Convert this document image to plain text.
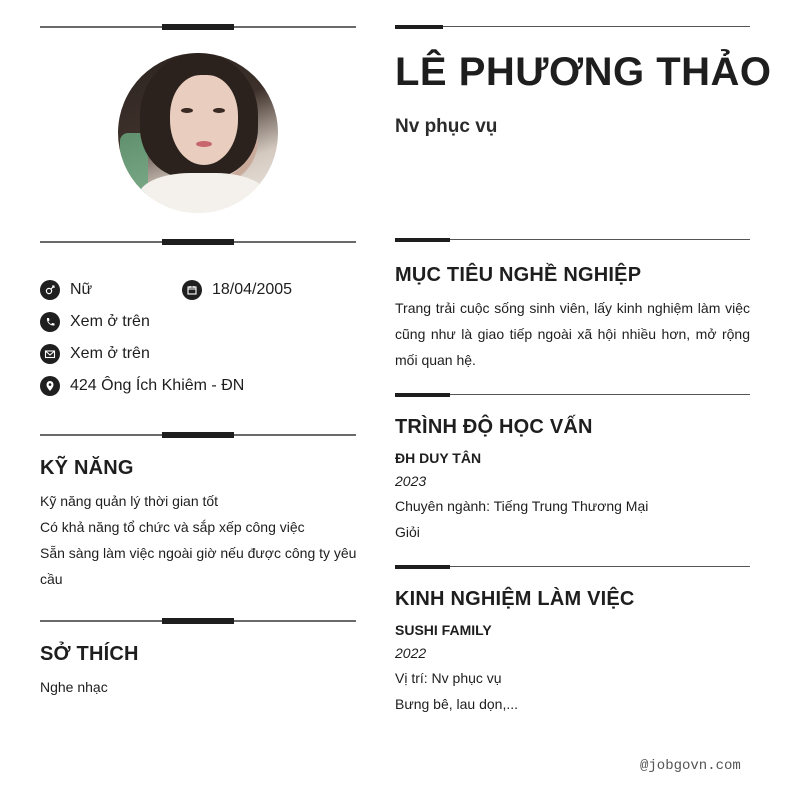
LÊ PHƯƠNG THẢO
Nv phục vụ
Nữ	18/04/2005
Xem ở trên
Xem ở trên
424 Ông Ích Khiêm - ĐN
KỸ NĂNG
Kỹ năng quản lý thời gian tốt
Có khả năng tổ chức và sắp xếp công việc
Sẵn sàng làm việc ngoài giờ nếu được công ty yêu
cầu
SỞ THÍCH
Nghe nhạc
MỤC TIÊU NGHỀ NGHIỆP
Trang trải cuộc sống sinh viên, lấy kinh nghiệm làm việc
cũng như là giao tiếp ngoài xã hội nhiều hơn, mở rộng
mối quan hệ.
TRÌNH ĐỘ HỌC VẤN
ĐH DUY TÂN
2023
Chuyên ngành: Tiếng Trung Thương Mại
Giỏi
KINH NGHIỆM LÀM VIỆC
SUSHI FAMILY
2022
Vị trí: Nv phục vụ
Bưng bê, lau dọn,...
@jobgovn.com
